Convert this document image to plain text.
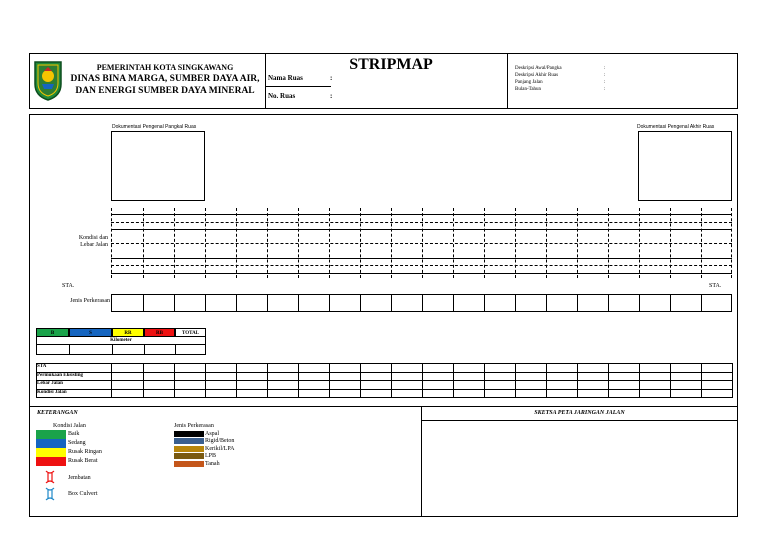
PEMERINTAH KOTA SINGKAWANG
DINAS BINA MARGA, SUMBER DAYA AIR,
DAN ENERGI SUMBER DAYA MINERAL
Nama Ruas	:
No. Ruas	:
STRIPMAP	Deskripsi Awal/Pangka	:
Deskripsi Akhir Ruas	:
Panjang Jalan	:
Bulan-Tahun	:
Dokumentasi Pengenal Pangkal Ruas	Dokumentasi Pengenal Akhir Ruas
Kondisi dan
Lebar Jalan
STA.	STA.
Jenis Perkerasan
B	S	RR	RB	TOTAL
Kilometer
STA
Permukaan Eksisting
Lebar Jalan
Kondisi Jalan
KETERANGAN
Kondisi Jalan
Baik
Sedang
Rusak Ringan
Rusak Berat
Jembatan
Box Culvert
Jenis Perkerasan
Aspal
Rigid/Beton
Kerikil/LPA
LPB
Tanah
SKETSA PETA JARINGAN JALAN
